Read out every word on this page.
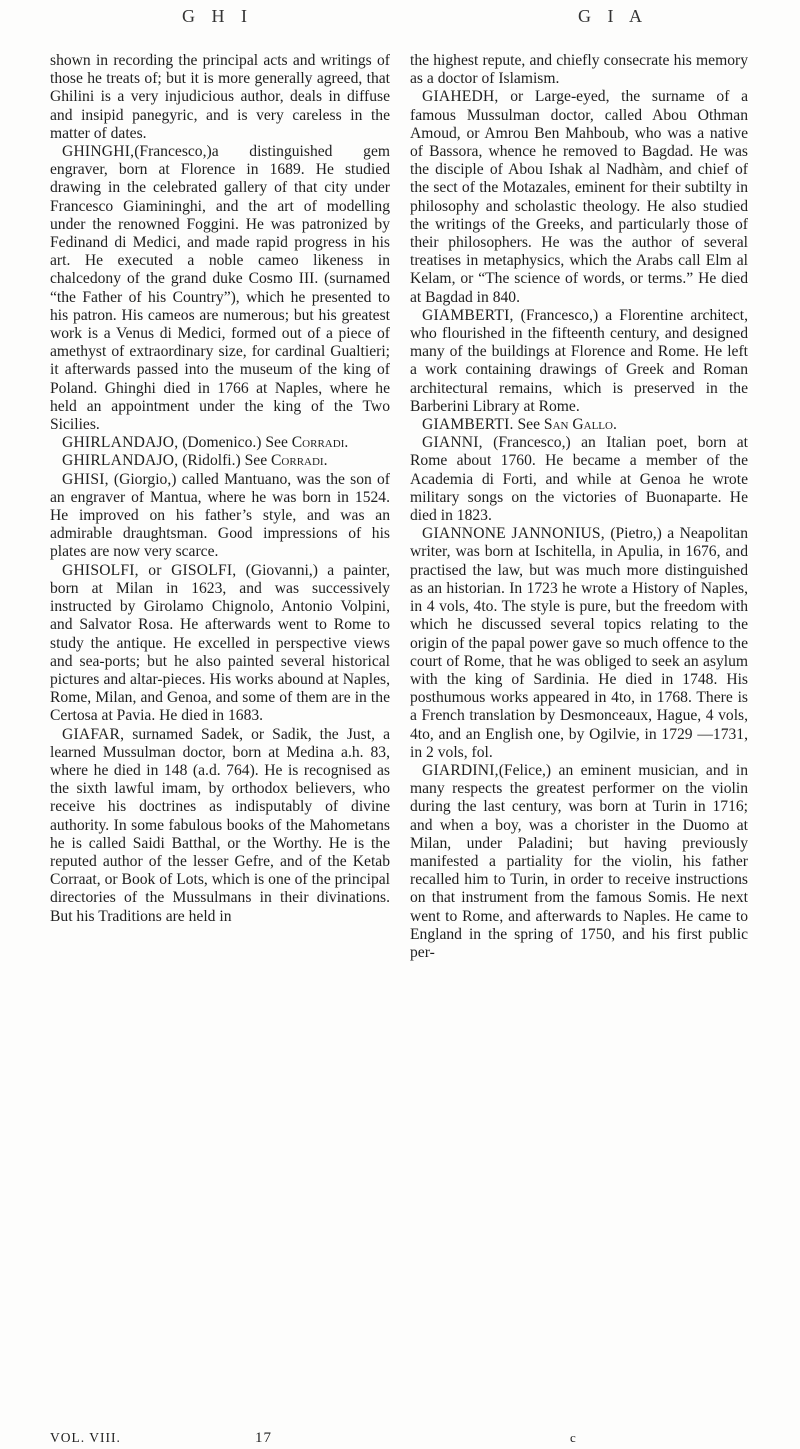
G H I	G I A

shown in recording the principal acts and writings of those he treats of; but it is more generally agreed, that Ghilini is a very injudicious author, deals in diffuse and insipid panegyric, and is very careless in the matter of dates.

GHINGHI,(Francesco,)a distinguished gem engraver, born at Florence in 1689. He studied drawing in the celebrated gallery of that city under Francesco Giamininghi, and the art of modelling under the renowned Foggini. He was patronized by Fedinand di Medici, and made rapid progress in his art. He executed a noble cameo likeness in chalcedony of the grand duke Cosmo III. (surnamed “the Father of his Country”), which he presented to his patron. His cameos are numerous; but his greatest work is a Venus di Medici, formed out of a piece of amethyst of extraordinary size, for cardinal Gualtieri; it afterwards passed into the museum of the king of Poland. Ghinghi died in 1766 at Naples, where he held an appointment under the king of the Two Sicilies.

GHIRLANDAJO, (Domenico.) See Corradi.

GHIRLANDAJO, (Ridolfi.) See Corradi.

GHISI, (Giorgio,) called Mantuano, was the son of an engraver of Mantua, where he was born in 1524. He improved on his father’s style, and was an admirable draughtsman. Good impressions of his plates are now very scarce.

GHISOLFI, or GISOLFI, (Giovanni,) a painter, born at Milan in 1623, and was successively instructed by Girolamo Chignolo, Antonio Volpini, and Salvator Rosa. He afterwards went to Rome to study the antique. He excelled in perspective views and sea-ports; but he also painted several historical pictures and altar-pieces. His works abound at Naples, Rome, Milan, and Genoa, and some of them are in the Certosa at Pavia. He died in 1683.

GIAFAR, surnamed Sadek, or Sadik, the Just, a learned Mussulman doctor, born at Medina a.h. 83, where he died in 148 (a.d. 764). He is recognised as the sixth lawful imam, by orthodox believers, who receive his doctrines as indisputably of divine authority. In some fabulous books of the Mahometans he is called Saidi Batthal, or the Worthy. He is the reputed author of the lesser Gefre, and of the Ketab Corraat, or Book of Lots, which is one of the principal directories of the Mussulmans in their divinations. But his Traditions are held in

the highest repute, and chiefly consecrate his memory as a doctor of Islamism.

GIAHEDH, or Large-eyed, the surname of a famous Mussulman doctor, called Abou Othman Amoud, or Amrou Ben Mahboub, who was a native of Bassora, whence he removed to Bagdad. He was the disciple of Abou Ishak al Nadhàm, and chief of the sect of the Motazales, eminent for their subtilty in philosophy and scholastic theology. He also studied the writings of the Greeks, and particularly those of their philosophers. He was the author of several treatises in metaphysics, which the Arabs call Elm al Kelam, or “The science of words, or terms.” He died at Bagdad in 840.

GIAMBERTI, (Francesco,) a Florentine architect, who flourished in the fifteenth century, and designed many of the buildings at Florence and Rome. He left a work containing drawings of Greek and Roman architectural remains, which is preserved in the Barberini Library at Rome.

GIAMBERTI. See San Gallo.

GIANNI, (Francesco,) an Italian poet, born at Rome about 1760. He became a member of the Academia di Forti, and while at Genoa he wrote military songs on the victories of Buonaparte. He died in 1823.

GIANNONE JANNONIUS, (Pietro,) a Neapolitan writer, was born at Ischitella, in Apulia, in 1676, and practised the law, but was much more distinguished as an historian. In 1723 he wrote a History of Naples, in 4 vols, 4to. The style is pure, but the freedom with which he discussed several topics relating to the origin of the papal power gave so much offence to the court of Rome, that he was obliged to seek an asylum with the king of Sardinia. He died in 1748. His posthumous works appeared in 4to, in 1768. There is a French translation by Desmonceaux, Hague, 4 vols, 4to, and an English one, by Ogilvie, in 1729 —1731, in 2 vols, fol.

GIARDINI,(Felice,) an eminent musician, and in many respects the greatest performer on the violin during the last century, was born at Turin in 1716; and when a boy, was a chorister in the Duomo at Milan, under Paladini; but having previously manifested a partiality for the violin, his father recalled him to Turin, in order to receive instructions on that instrument from the famous Somis. He next went to Rome, and afterwards to Naples. He came to England in the spring of 1750, and his first public per-

VOL. VIII.	17	c
